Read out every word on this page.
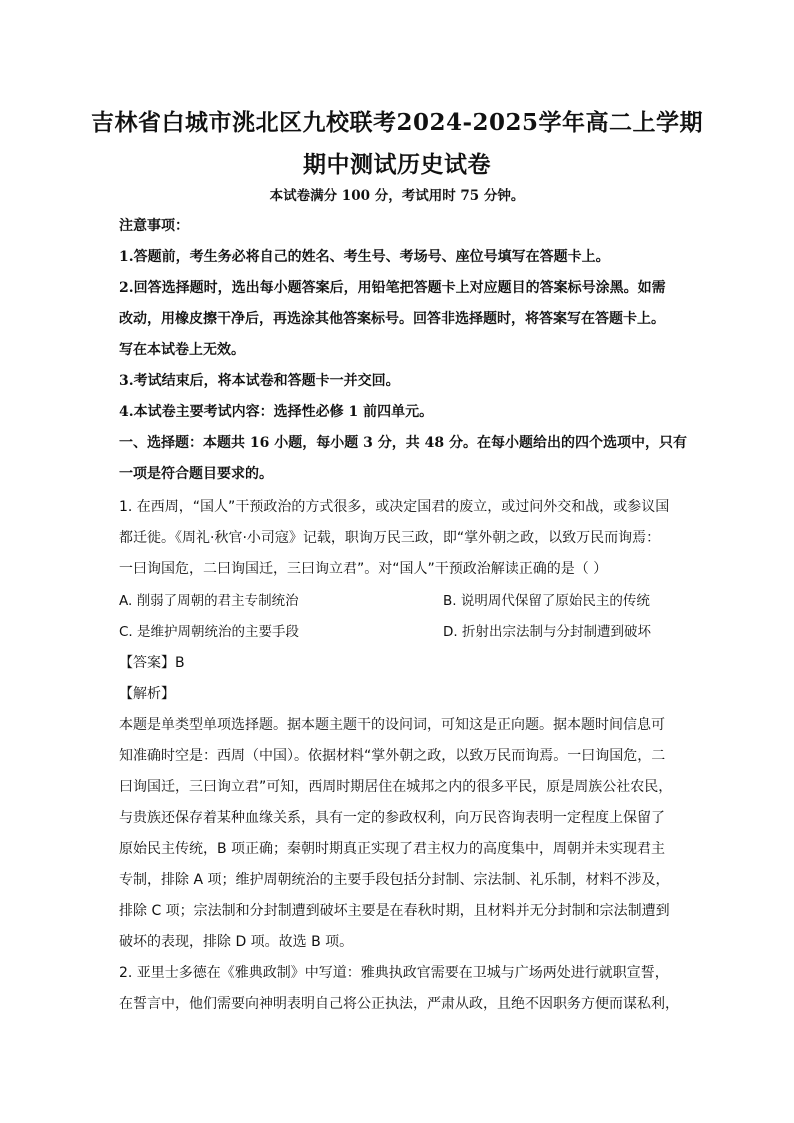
吉林省白城市洮北区九校联考2024-2025学年高二上学期
期中测试历史试卷
本试卷满分 100 分，考试用时 75 分钟。
注意事项：
1.答题前，考生务必将自己的姓名、考生号、考场号、座位号填写在答题卡上。
2.回答选择题时，选出每小题答案后，用铅笔把答题卡上对应题目的答案标号涂黑。如需
改动，用橡皮擦干净后，再选涂其他答案标号。回答非选择题时，将答案写在答题卡上。
写在本试卷上无效。
3.考试结束后，将本试卷和答题卡一并交回。
4.本试卷主要考试内容：选择性必修 1 前四单元。
一、选择题：本题共 16 小题，每小题 3 分，共 48 分。在每小题给出的四个选项中，只有
一项是符合题目要求的。
1. 在西周，“国人”干预政治的方式很多，或决定国君的废立，或过问外交和战，或参议国
都迁徙。《周礼·秋官·小司寇》记载，职询万民三政，即“掌外朝之政，以致万民而询焉：
一曰询国危，二曰询国迁，三曰询立君”。对“国人”干预政治解读正确的是（ ）
A. 削弱了周朝的君主专制统治	B. 说明周代保留了原始民主的传统
C. 是维护周朝统治的主要手段	D. 折射出宗法制与分封制遭到破坏
【答案】B
【解析】
本题是单类型单项选择题。据本题主题干的设问词，可知这是正向题。据本题时间信息可
知准确时空是：西周（中国）。依据材料“掌外朝之政，以致万民而询焉。一曰询国危，二
曰询国迁，三曰询立君”可知，西周时期居住在城邦之内的很多平民，原是周族公社农民，
与贵族还保存着某种血缘关系，具有一定的参政权利，向万民咨询表明一定程度上保留了
原始民主传统，B 项正确；秦朝时期真正实现了君主权力的高度集中，周朝并未实现君主
专制，排除 A 项；维护周朝统治的主要手段包括分封制、宗法制、礼乐制，材料不涉及，
排除 C 项；宗法制和分封制遭到破坏主要是在春秋时期，且材料并无分封制和宗法制遭到
破坏的表现，排除 D 项。故选 B 项。
2. 亚里士多德在《雅典政制》中写道：雅典执政官需要在卫城与广场两处进行就职宣誓，
在誓言中，他们需要向神明表明自己将公正执法，严肃从政，且绝不因职务方便而谋私利，
